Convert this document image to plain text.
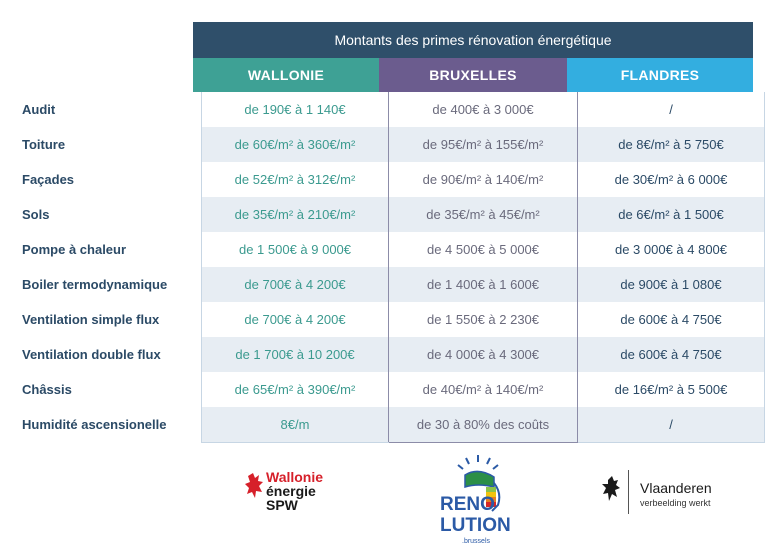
Montants des primes rénovation énergétique
WALLONIE	BRUXELLES	FLANDRES
Audit	de 190€ à 1 140€	de 400€ à 3 000€	/
Toiture	de 60€/m² à 360€/m²	de 95€/m² à 155€/m²	de 8€/m² à 5 750€
Façades	de 52€/m² à 312€/m²	de 90€/m² à 140€/m²	de 30€/m² à 6 000€
Sols	de 35€/m² à 210€/m²	de 35€/m² à 45€/m²	de 6€/m² à 1 500€
Pompe à chaleur	de 1 500€ à 9 000€	de 4 500€ à 5 000€	de 3 000€ à 4 800€
Boiler termodynamique	de 700€ à 4 200€	de 1 400€ à 1 600€	de 900€ à 1 080€
Ventilation simple flux	de 700€ à 4 200€	de 1 550€ à 2 230€	de 600€ à 4 750€
Ventilation double flux	de 1 700€ à 10 200€	de 4 000€ à 4 300€	de 600€ à 4 750€
Châssis	de 65€/m² à 390€/m²	de 40€/m² à 140€/m²	de 16€/m² à 5 500€
Humidité ascensionelle	8€/m	de 30 à 80% des coûts	/
Wallonie
énergie
SPW	RENO
LUTION
.brussels
Vlaanderen
verbeelding werkt
